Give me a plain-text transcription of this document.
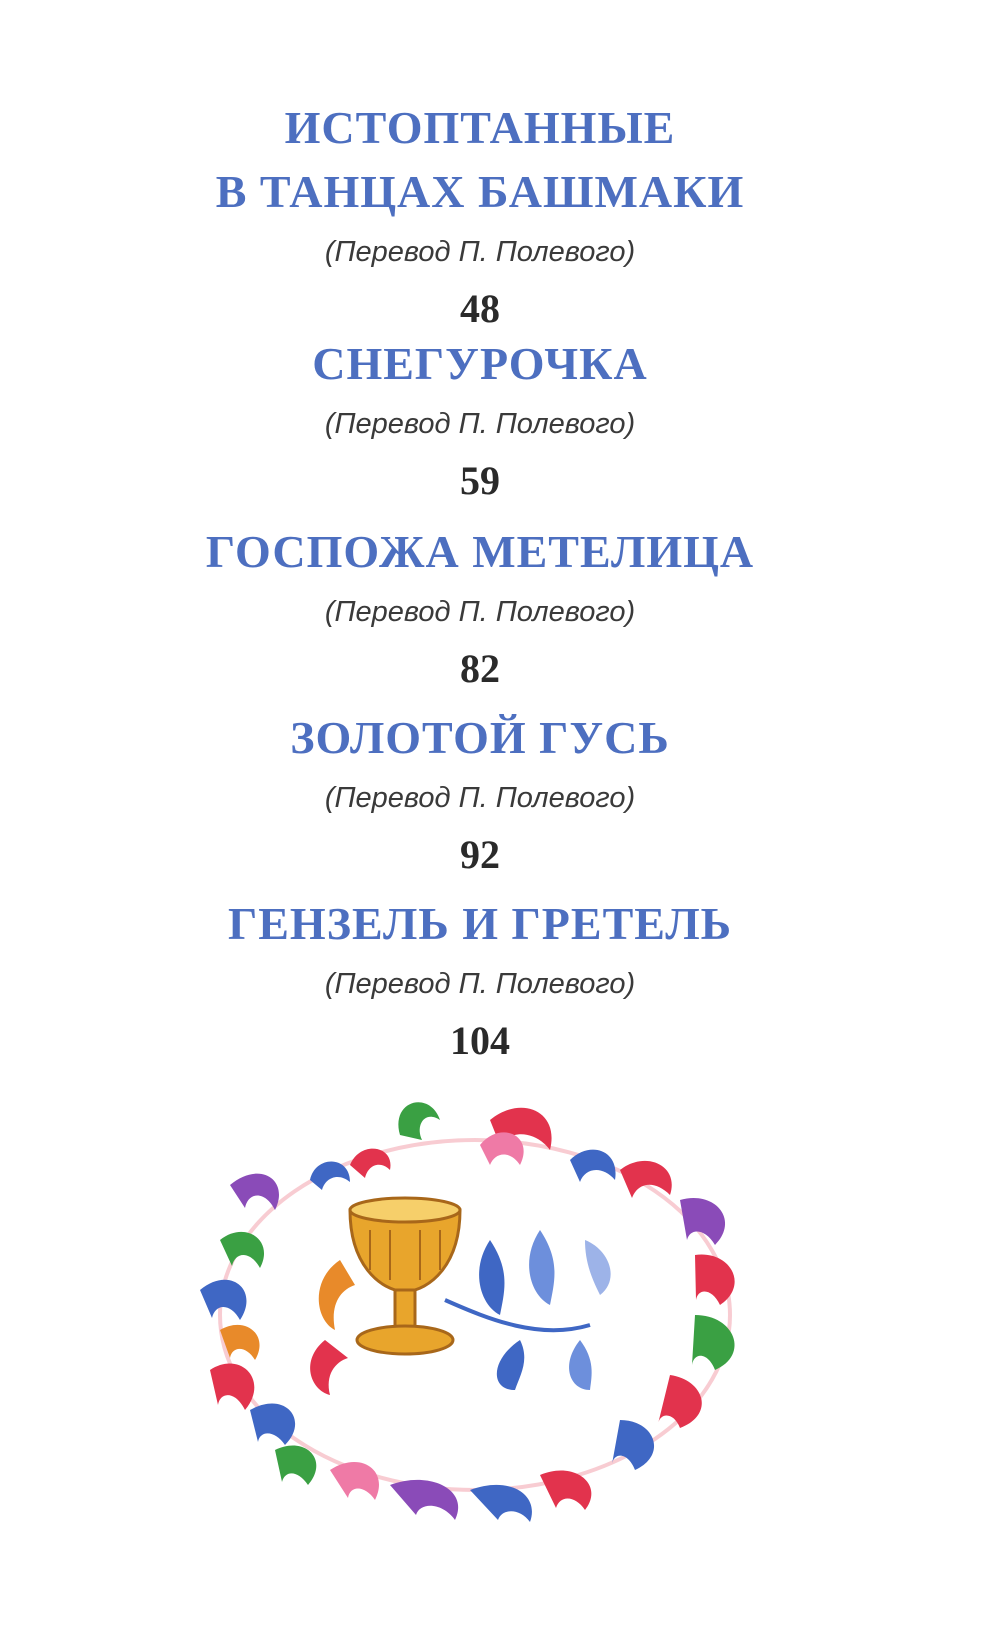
ИСТОПТАННЫЕ
В ТАНЦАХ БАШМАКИ
(Перевод П. Полевого)
48
СНЕГУРОЧКА
(Перевод П. Полевого)
59
ГОСПОЖА МЕТЕЛИЦА
(Перевод П. Полевого)
82
ЗОЛОТОЙ ГУСЬ
(Перевод П. Полевого)
92
ГЕНЗЕЛЬ И ГРЕТЕЛЬ
(Перевод П. Полевого)
104
